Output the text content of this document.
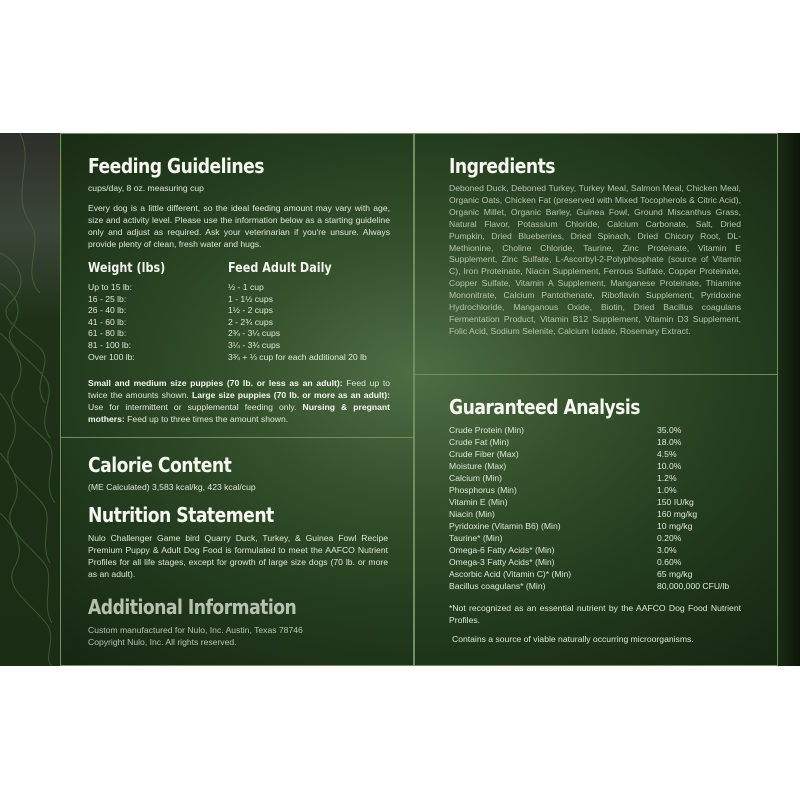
Feeding Guidelines
cups/day, 8 oz. measuring cup
Every dog is a little different, so the ideal feeding amount may vary with age, size and activity level. Please use the information below as a starting guideline only and adjust as required. Ask your veterinarian if you're unsure. Always provide plenty of clean, fresh water and hugs.
Weight (lbs)	Feed Adult Daily
Up to 15 lb:
16 - 25 lb:
26 - 40 lb:
41 - 60 lb:
61 - 80 lb:
81 - 100 lb:
Over 100 lb:
½ - 1 cup
1 - 1½ cups
1½ - 2 cups
2 - 2¾ cups
2¾ - 3¼ cups
3¼ - 3¾ cups
3¾ + ⅓ cup for each additional 20 lb
Small and medium size puppies (70 lb. or less as an adult): Feed up to twice the amounts shown. Large size puppies (70 lb. or more as an adult): Use for intermittent or supplemental feeding only. Nursing & pregnant mothers: Feed up to three times the amount shown.
Calorie Content
(ME Calculated) 3,583 kcal/kg, 423 kcal/cup
Nutrition Statement
Nulo Challenger Game bird Quarry Duck, Turkey, & Guinea Fowl Recipe Premium Puppy & Adult Dog Food is formulated to meet the AAFCO Nutrient Profiles for all life stages, except for growth of large size dogs (70 lb. or more as an adult).
Additional Information
Custom manufactured for Nulo, Inc. Austin, Texas 78746
Copyright Nulo, Inc. All rights reserved.
Ingredients
Deboned Duck, Deboned Turkey, Turkey Meal, Salmon Meal, Chicken Meal, Organic Oats, Chicken Fat (preserved with Mixed Tocopherols & Citric Acid), Organic Millet, Organic Barley, Guinea Fowl, Ground Miscanthus Grass, Natural Flavor, Potassium Chloride, Calcium Carbonate, Salt, Dried Pumpkin, Dried Blueberries, Dried Spinach, Dried Chicory Root, DL-Methionine, Choline Chloride, Taurine, Zinc Proteinate, Vitamin E Supplement, Zinc Sulfate, L-Ascorbyl-2-Polyphosphate (source of Vitamin C), Iron Proteinate, Niacin Supplement, Ferrous Sulfate, Copper Proteinate, Copper Sulfate, Vitamin A Supplement, Manganese Proteinate, Thiamine Mononitrate, Calcium Pantothenate, Riboflavin Supplement, Pyridoxine Hydrochloride, Manganous Oxide, Biotin, Dried Bacillus coagulans Fermentation Product, Vitamin B12 Supplement, Vitamin D3 Supplement, Folic Acid, Sodium Selenite, Calcium Iodate, Rosemary Extract.
Guaranteed Analysis
Crude Protein (Min)
Crude Fat (Min)
Crude Fiber (Max)
Moisture (Max)
Calcium (Min)
Phosphorus (Min)
Vitamin E (Min)
Niacin (Min)
Pyridoxine (Vitamin B6) (Min)
Taurine* (Min)
Omega-6 Fatty Acids* (Min)
Omega-3 Fatty Acids* (Min)
Ascorbic Acid (Vitamin C)* (Min)
Bacillus coagulans* (Min)
35.0%
18.0%
4.5%
10.0%
1.2%
1.0%
150 IU/kg
160 mg/kg
10 mg/kg
0.20%
3.0%
0.60%
65 mg/kg
80,000,000 CFU/lb
*Not recognized as an essential nutrient by the AAFCO Dog Food Nutrient Profiles.
Contains a source of viable naturally occurring microorganisms.
